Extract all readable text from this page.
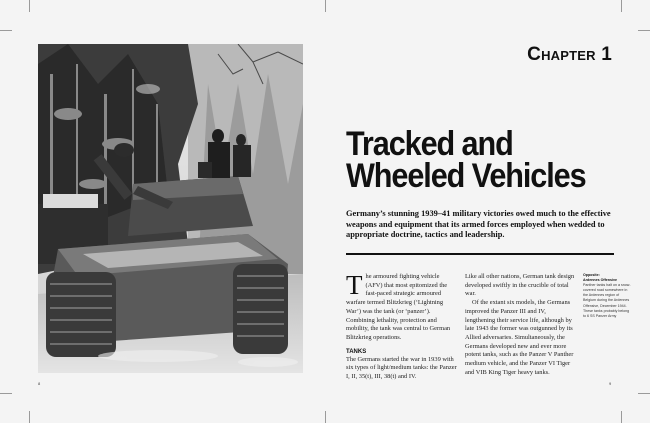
8
Chapter 1
Tracked and
Wheeled Vehicles

Germany’s stunning 1939–41 military victories owed much to the effective weapons and equipment that its armed forces employed when wedded to appropriate doctrine, tactics and leadership.

The armoured fighting vehicle (AFV) that most epitomized the fast-paced strategic armoured warfare termed Blitzkrieg (‘Lightning War’) was the tank (or ‘panzer’). Combining lethality, protection and mobility, the tank was central to German Blitzkrieg operations.

TANKS

The Germans started the war in 1939 with six types of light/medium tanks: the Panzer I, II, 35(t), III, 38(t) and IV.

Like all other nations, German tank design developed swiftly in the crucible of total war.

Of the extant six models, the Germans improved the Panzer III and IV, lengthening their service life, although by late 1943 the former was outgunned by its Allied adversaries. Simultaneously, the Germans developed new and ever more potent tanks, such as the Panzer V Panther medium vehicle, and the Panzer VI Tiger and VIB King Tiger heavy tanks.

Opposite:
Ardennes Offensive
Panther tanks halt on a snow-covered road somewhere in the Ardennes region of Belgium during the Ardennes Offensive, December 1944. These tanks probably belong to 6 SS Panzer Army
9
